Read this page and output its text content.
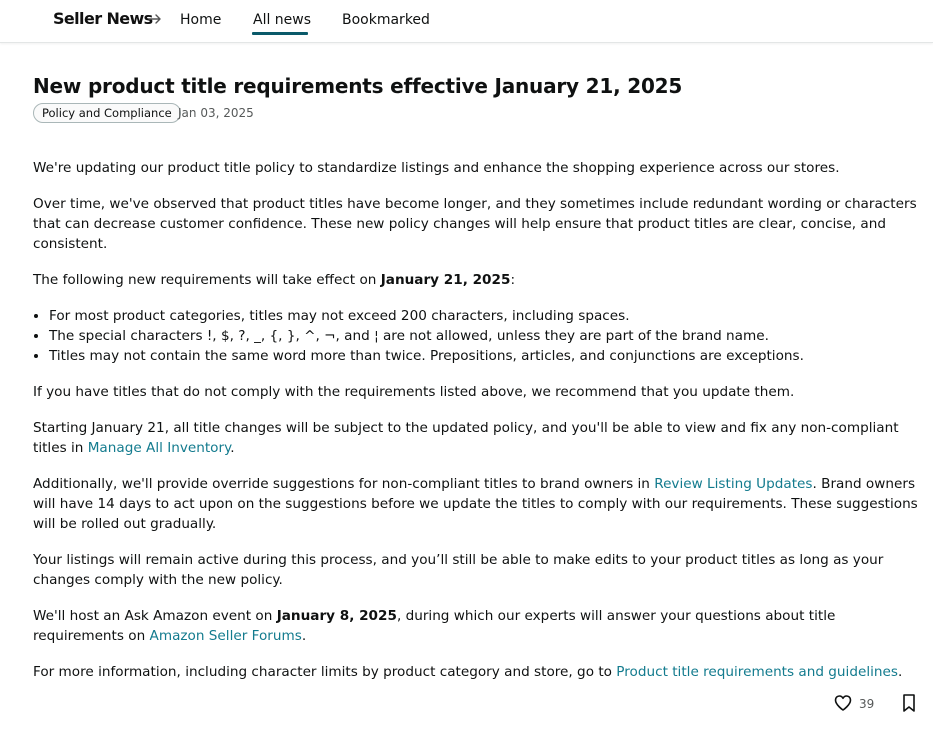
Seller News Home All news Bookmarked
New product title requirements effective January 21, 2025
Policy and Compliance Jan 03, 2025

We're updating our product title policy to standardize listings and enhance the shopping experience across our stores.

Over time, we've observed that product titles have become longer, and they sometimes include redundant wording or characters that can decrease customer confidence. These new policy changes will help ensure that product titles are clear, concise, and consistent.

The following new requirements will take effect on January 21, 2025:

• For most product categories, titles may not exceed 200 characters, including spaces.
• The special characters !, $, ?, _, {, }, ^, ¬, and ¦ are not allowed, unless they are part of the brand name.
• Titles may not contain the same word more than twice. Prepositions, articles, and conjunctions are exceptions.

If you have titles that do not comply with the requirements listed above, we recommend that you update them.

Starting January 21, all title changes will be subject to the updated policy, and you'll be able to view and fix any non-compliant titles in Manage All Inventory.

Additionally, we'll provide override suggestions for non-compliant titles to brand owners in Review Listing Updates. Brand owners will have 14 days to act upon on the suggestions before we update the titles to comply with our requirements. These suggestions will be rolled out gradually.

Your listings will remain active during this process, and you’ll still be able to make edits to your product titles as long as your changes comply with the new policy.

We'll host an Ask Amazon event on January 8, 2025, during which our experts will answer your questions about title requirements on Amazon Seller Forums.

For more information, including character limits by product category and store, go to Product title requirements and guidelines.

39
